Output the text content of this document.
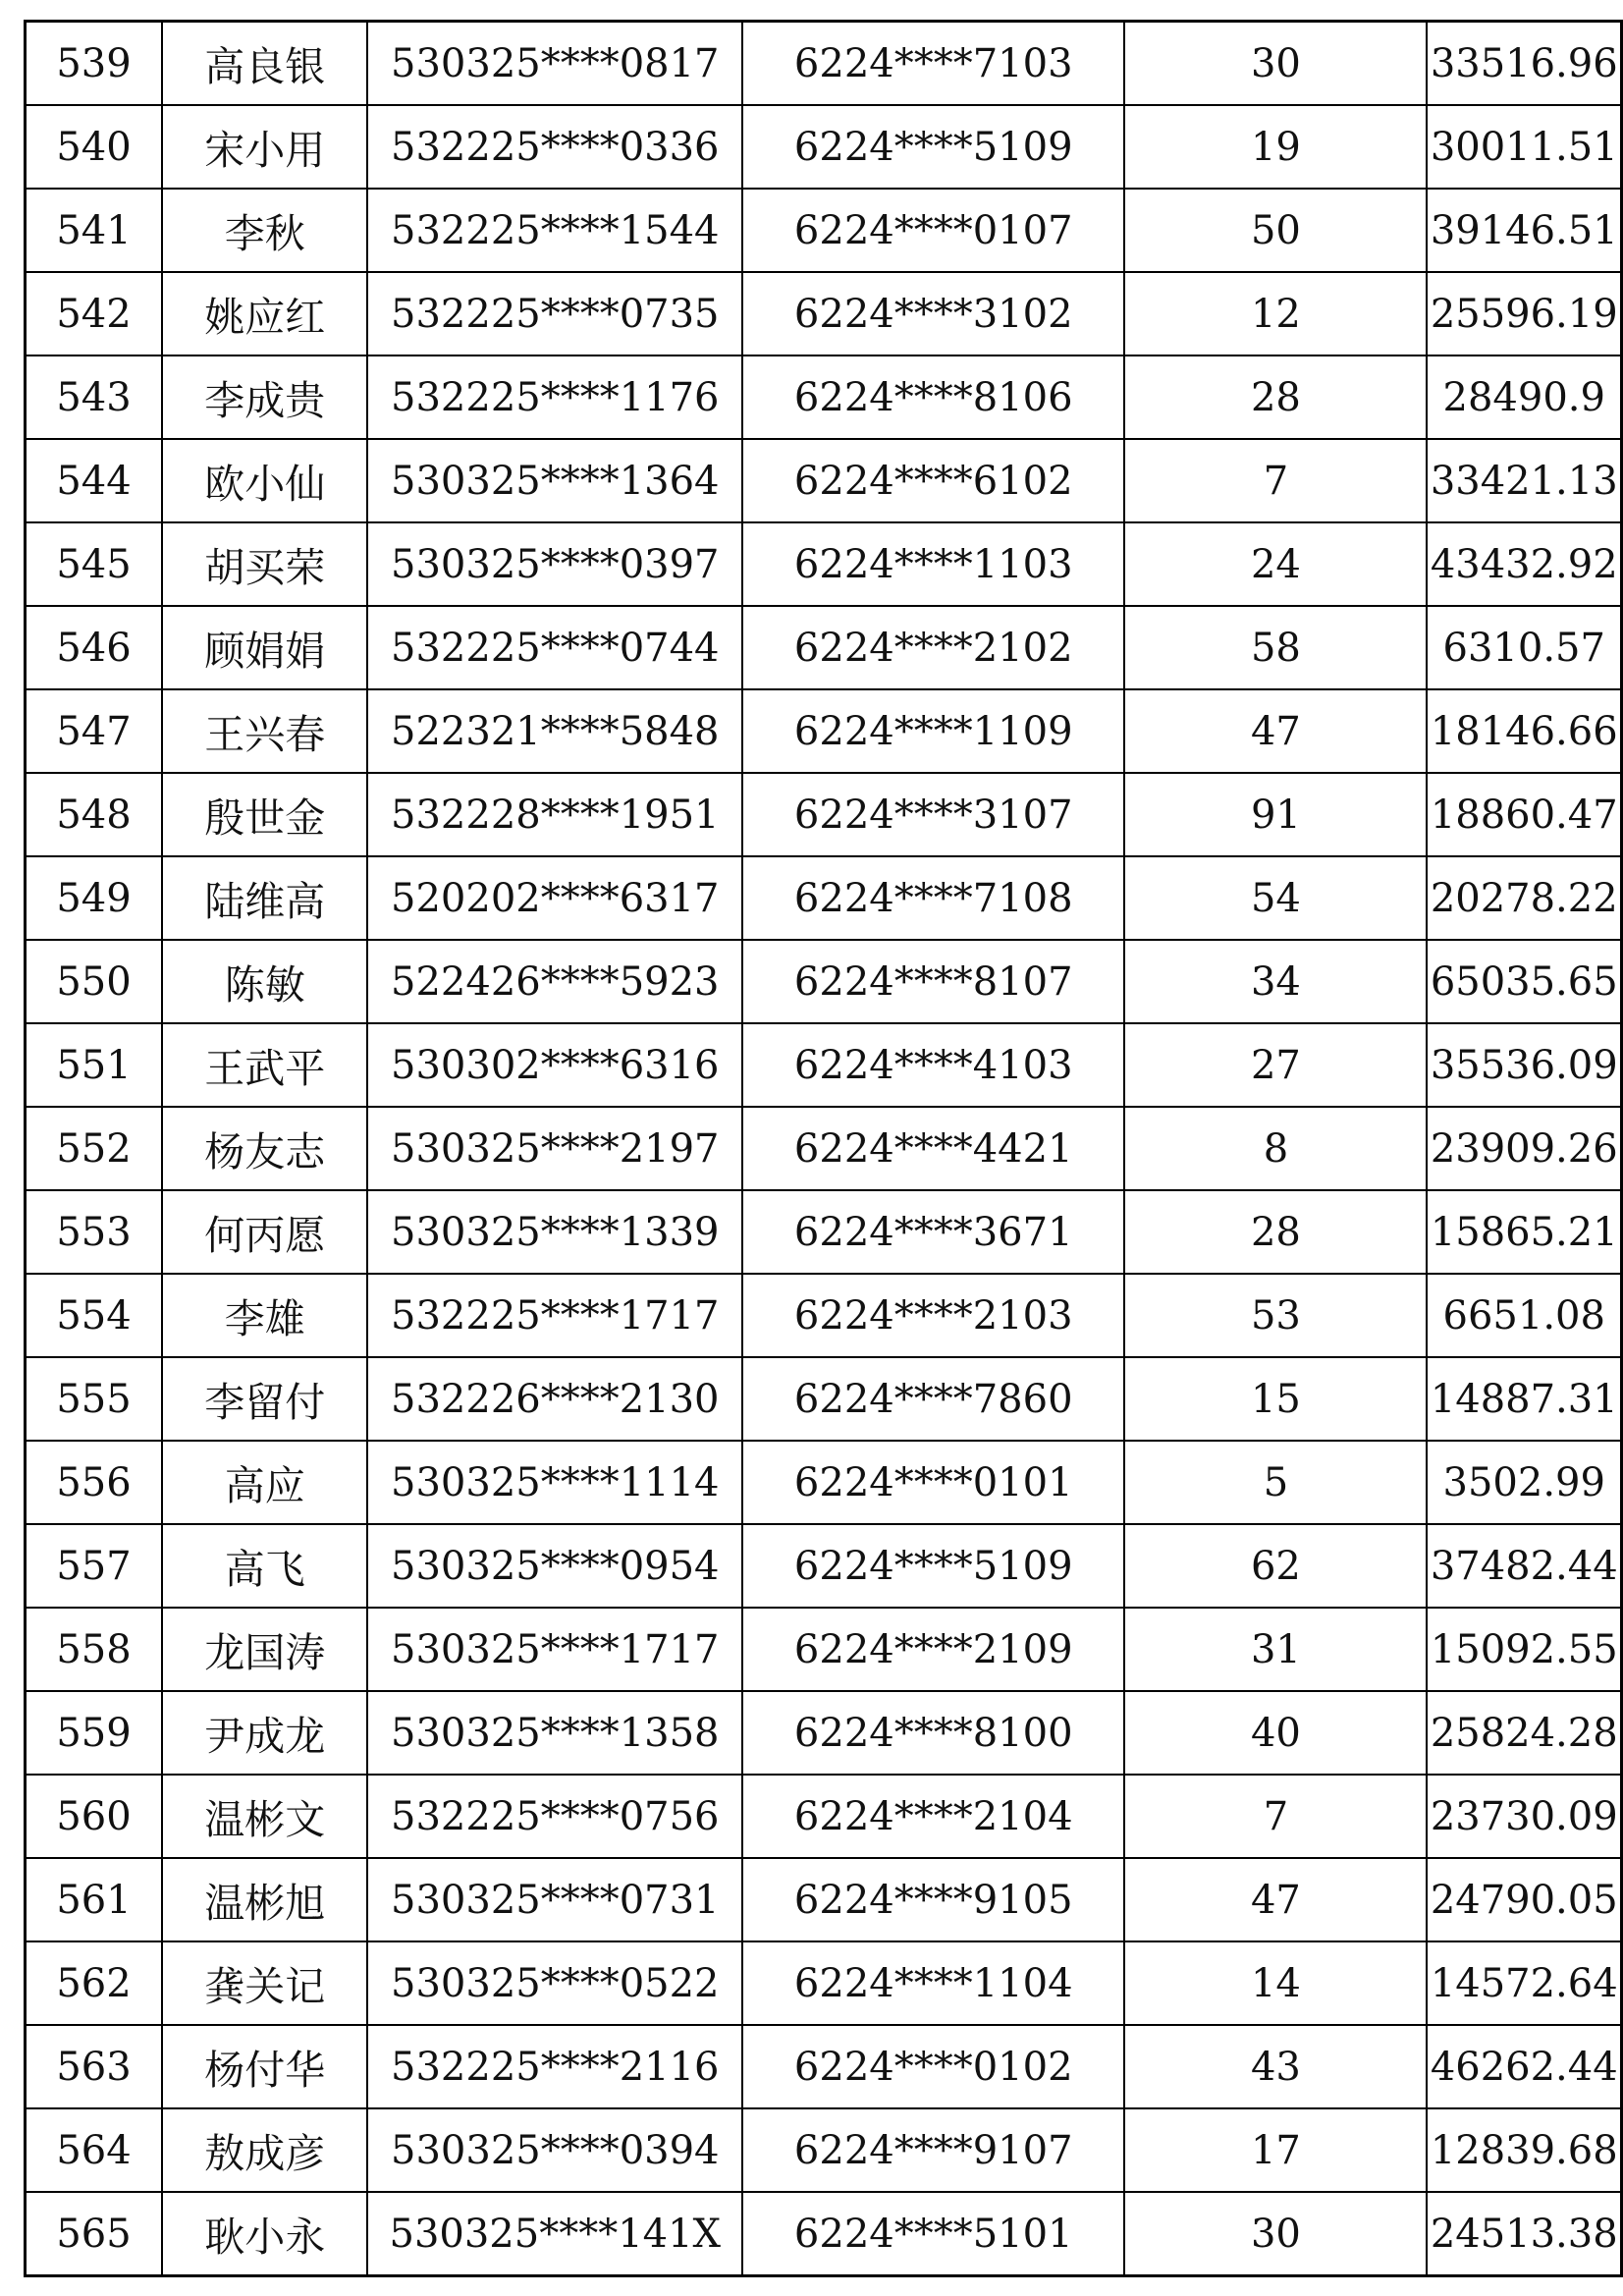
539	高良银	530325****0817	6224****7103	30	33516.96
540	宋小用	532225****0336	6224****5109	19	30011.51
541	李秋	532225****1544	6224****0107	50	39146.51
542	姚应红	532225****0735	6224****3102	12	25596.19
543	李成贵	532225****1176	6224****8106	28	28490.9
544	欧小仙	530325****1364	6224****6102	7	33421.13
545	胡买荣	530325****0397	6224****1103	24	43432.92
546	顾娟娟	532225****0744	6224****2102	58	6310.57
547	王兴春	522321****5848	6224****1109	47	18146.66
548	殷世金	532228****1951	6224****3107	91	18860.47
549	陆维高	520202****6317	6224****7108	54	20278.22
550	陈敏	522426****5923	6224****8107	34	65035.65
551	王武平	530302****6316	6224****4103	27	35536.09
552	杨友志	530325****2197	6224****4421	8	23909.26
553	何丙愿	530325****1339	6224****3671	28	15865.21
554	李雄	532225****1717	6224****2103	53	6651.08
555	李留付	532226****2130	6224****7860	15	14887.31
556	高应	530325****1114	6224****0101	5	3502.99
557	高飞	530325****0954	6224****5109	62	37482.44
558	龙国涛	530325****1717	6224****2109	31	15092.55
559	尹成龙	530325****1358	6224****8100	40	25824.28
560	温彬文	532225****0756	6224****2104	7	23730.09
561	温彬旭	530325****0731	6224****9105	47	24790.05
562	龚关记	530325****0522	6224****1104	14	14572.64
563	杨付华	532225****2116	6224****0102	43	46262.44
564	敖成彦	530325****0394	6224****9107	17	12839.68
565	耿小永	530325****141X	6224****5101	30	24513.38
